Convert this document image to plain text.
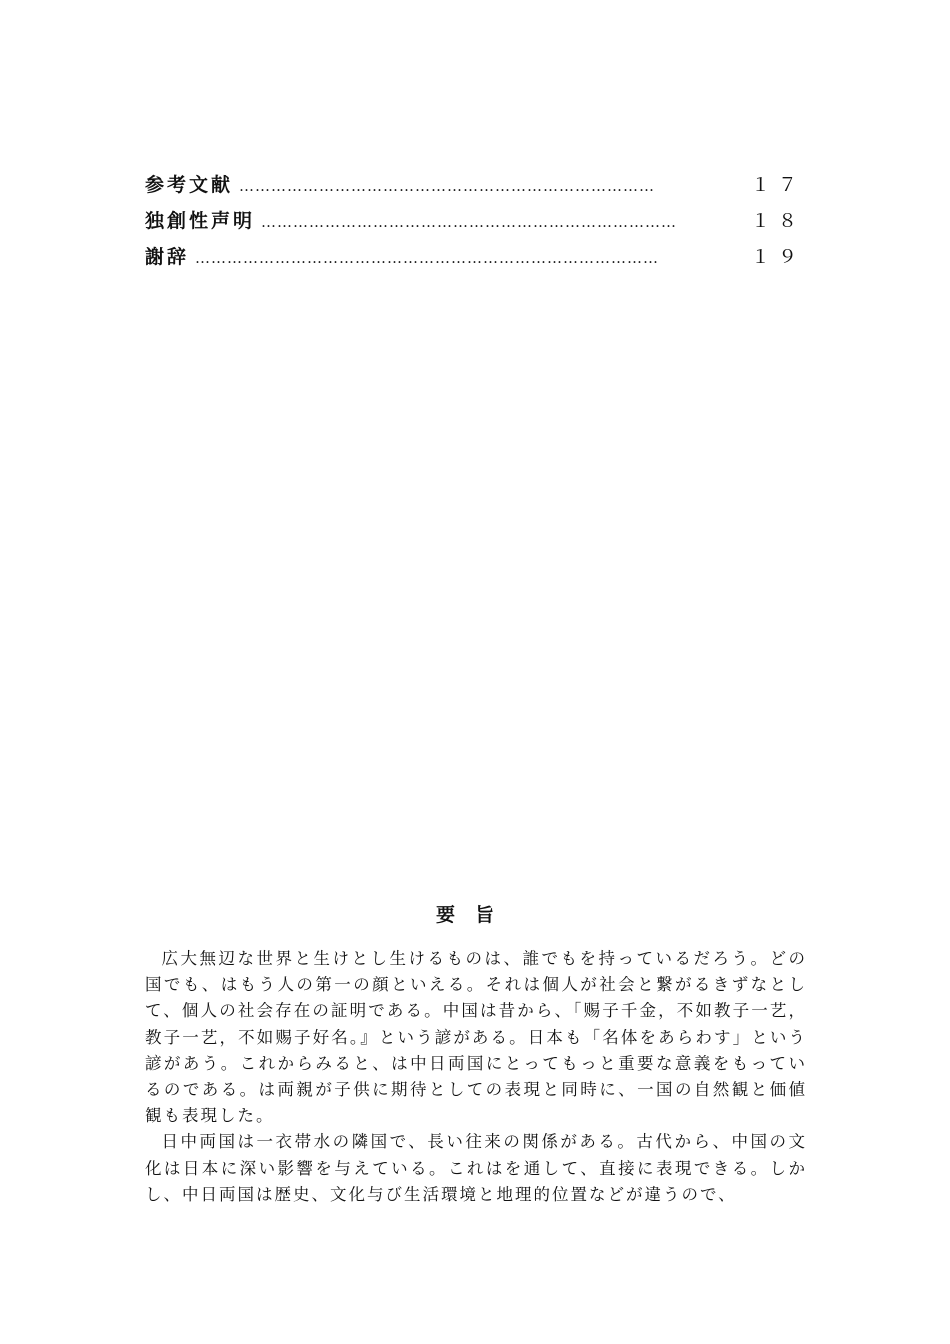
参考文献 ……………………………………………………………………	１７
独創性声明 ……………………………………………………………………	１８
謝辞 ……………………………………………………………………………	１９
要旨

広大無辺な世界と生けとし生けるものは、誰でもを持っているだろう。どの国でも、はもう人の第一の顔といえる。それは個人が社会と繋がるきずなとして、個人の社会存在の証明である。中国は昔から、「赐子千金，不如教子一艺，教子一艺，不如赐子好名。』という諺がある。日本も「名体をあらわす」という諺があう。これからみると、は中日両国にとってもっと重要な意義をもっているのである。は両親が子供に期待としての表現と同時に、一国の自然観と価値観も表現した。

日中両国は一衣帯水の隣国で、長い往来の関係がある。古代から、中国の文化は日本に深い影響を与えている。これはを通して、直接に表現できる。しかし、中日両国は歴史、文化与び生活環境と地理的位置などが違うので、
